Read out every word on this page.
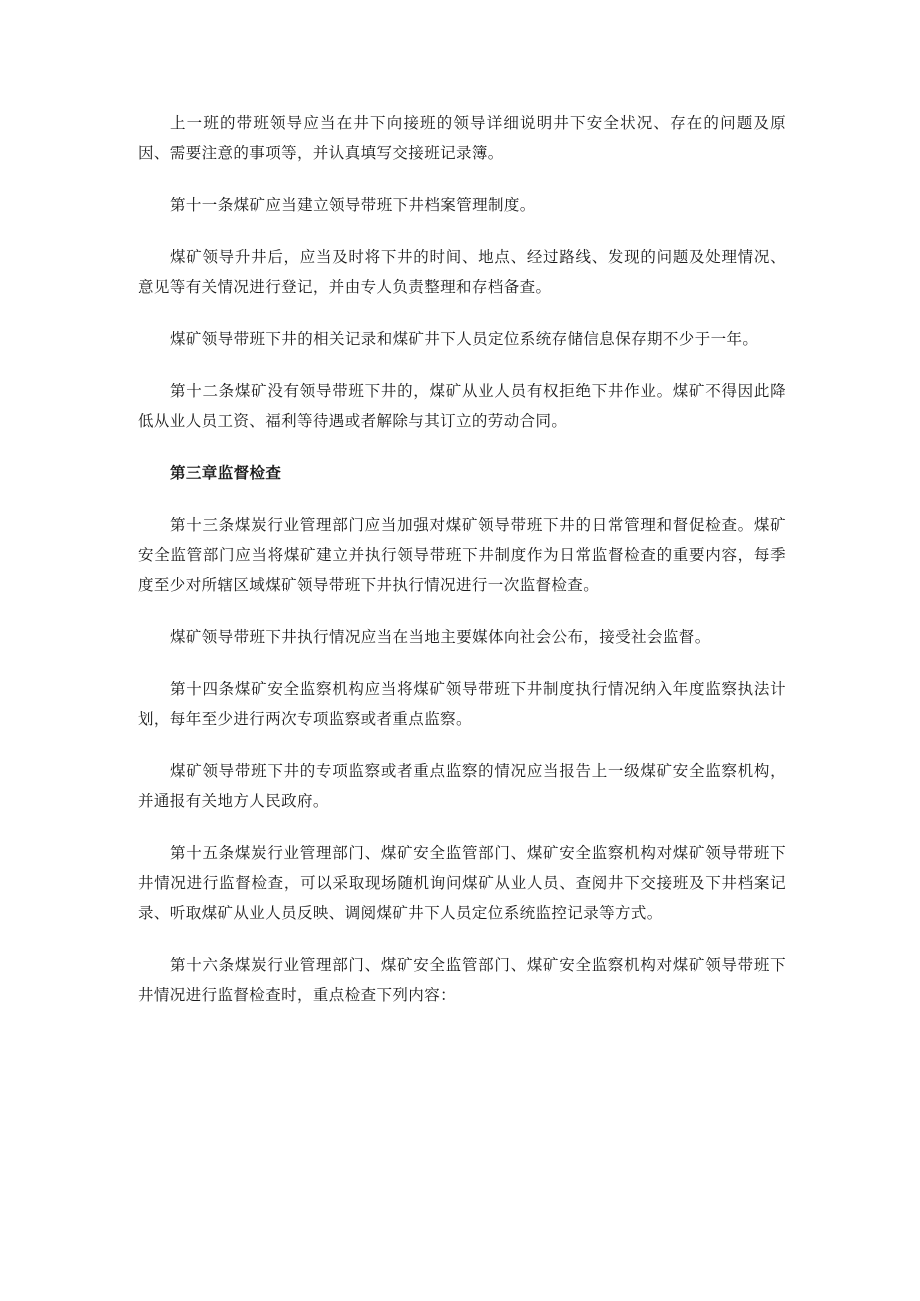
上一班的带班领导应当在井下向接班的领导详细说明井下安全状况、存在的问题及原因、需要注意的事项等，并认真填写交接班记录簿。

第十一条煤矿应当建立领导带班下井档案管理制度。

煤矿领导升井后，应当及时将下井的时间、地点、经过路线、发现的问题及处理情况、意见等有关情况进行登记，并由专人负责整理和存档备查。

煤矿领导带班下井的相关记录和煤矿井下人员定位系统存储信息保存期不少于一年。

第十二条煤矿没有领导带班下井的，煤矿从业人员有权拒绝下井作业。煤矿不得因此降低从业人员工资、福利等待遇或者解除与其订立的劳动合同。

第三章监督检查

第十三条煤炭行业管理部门应当加强对煤矿领导带班下井的日常管理和督促检查。煤矿安全监管部门应当将煤矿建立并执行领导带班下井制度作为日常监督检查的重要内容，每季度至少对所辖区域煤矿领导带班下井执行情况进行一次监督检查。

煤矿领导带班下井执行情况应当在当地主要媒体向社会公布，接受社会监督。

第十四条煤矿安全监察机构应当将煤矿领导带班下井制度执行情况纳入年度监察执法计划，每年至少进行两次专项监察或者重点监察。

煤矿领导带班下井的专项监察或者重点监察的情况应当报告上一级煤矿安全监察机构，并通报有关地方人民政府。

第十五条煤炭行业管理部门、煤矿安全监管部门、煤矿安全监察机构对煤矿领导带班下井情况进行监督检查，可以采取现场随机询问煤矿从业人员、查阅井下交接班及下井档案记录、听取煤矿从业人员反映、调阅煤矿井下人员定位系统监控记录等方式。

第十六条煤炭行业管理部门、煤矿安全监管部门、煤矿安全监察机构对煤矿领导带班下井情况进行监督检查时，重点检查下列内容：
